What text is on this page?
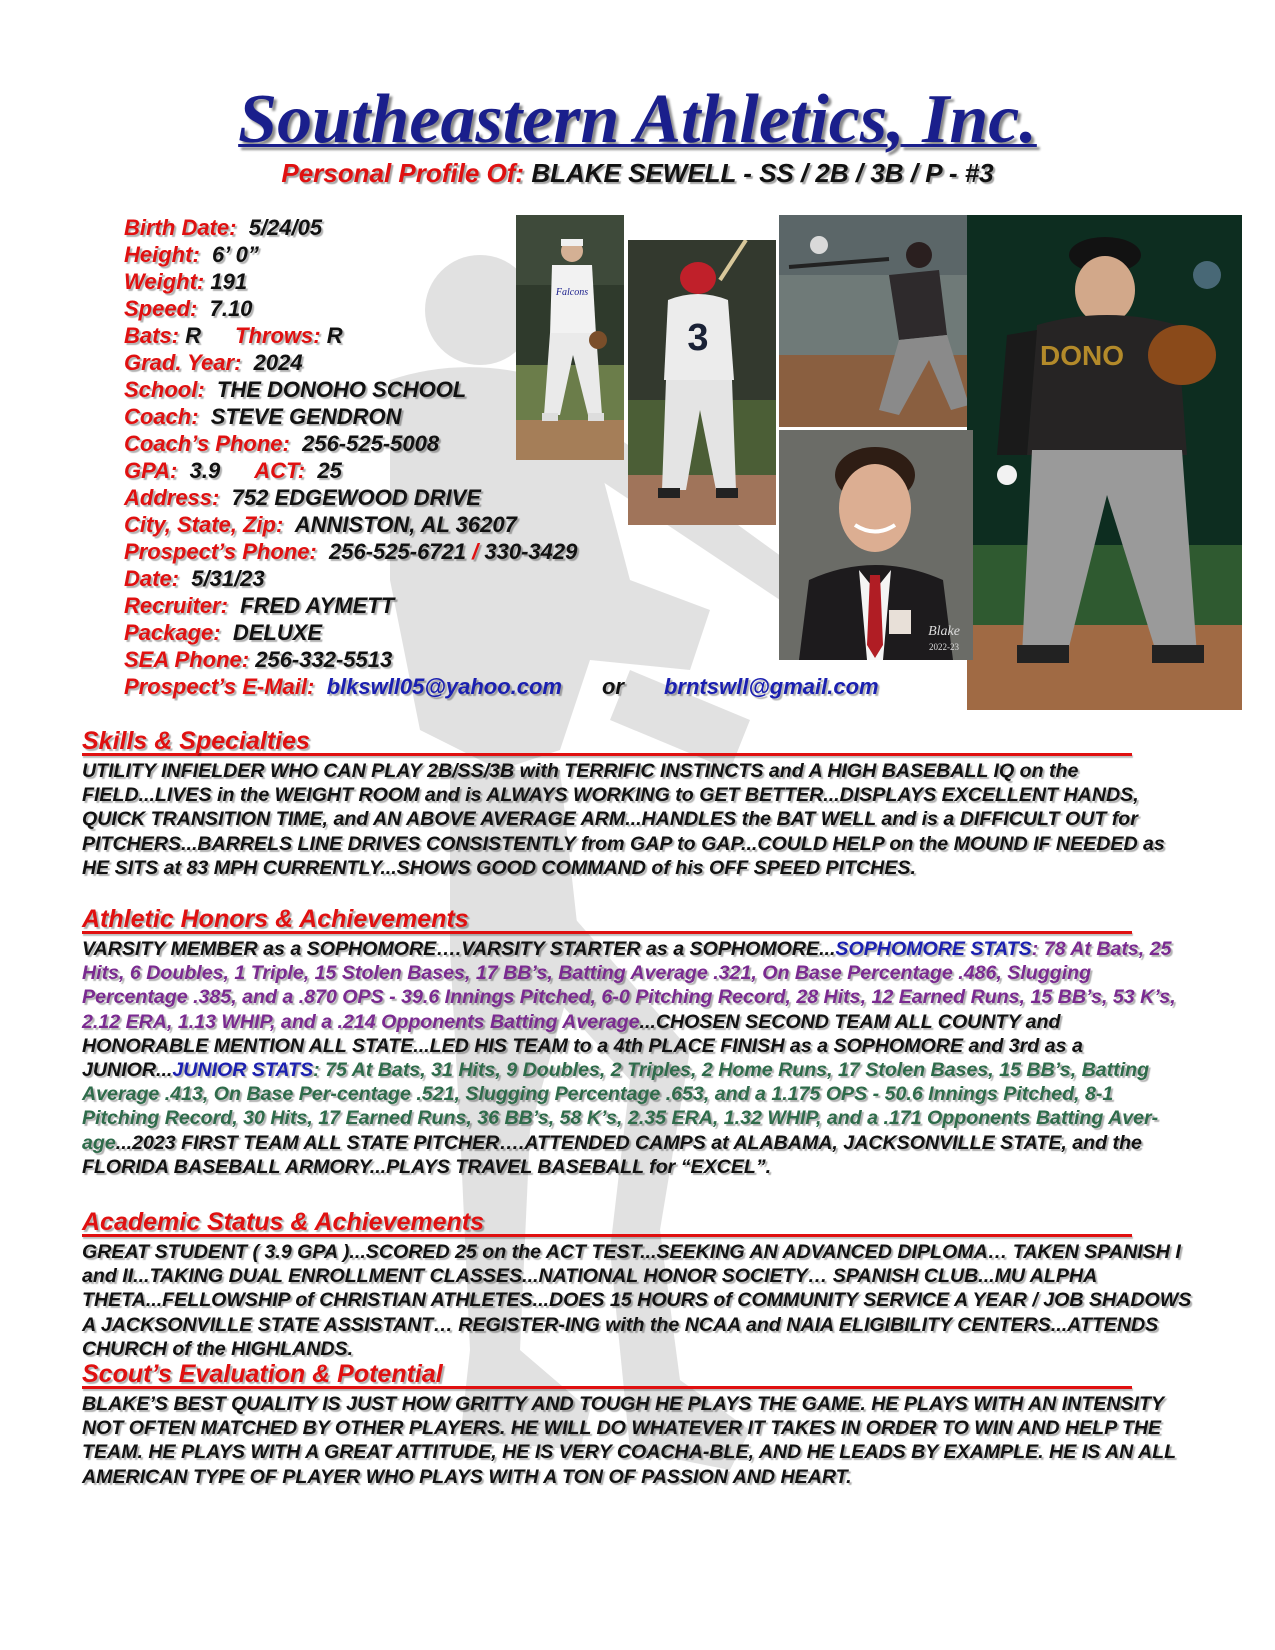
Southeastern Athletics, Inc.
Personal Profile Of: BLAKE SEWELL - SS / 2B / 3B / P - #3
Birth Date: 5/24/05
Height: 6’ 0”
Weight: 191
Speed: 7.10
Bats: R Throws: R
Grad. Year: 2024
School: THE DONOHO SCHOOL
Coach: STEVE GENDRON
Coach’s Phone: 256-525-5008
GPA: 3.9 ACT: 25
Address: 752 EDGEWOOD DRIVE
City, State, Zip: ANNISTON, AL 36207
Prospect’s Phone: 256-525-6721 / 330-3429
Date: 5/31/23
Recruiter: FRED AYMETT
Package: DELUXE
SEA Phone: 256-332-5513
Prospect’s E-Mail: blkswll05@yahoo.com or brntswll@gmail.com
Falcons
3	DONO
Blake
2022-23
Skills & Specialties
UTILITY INFIELDER WHO CAN PLAY 2B/SS/3B with TERRIFIC INSTINCTS and A HIGH BASEBALL IQ on the FIELD...LIVES in the WEIGHT ROOM and is ALWAYS WORKING to GET BETTER...DISPLAYS EXCELLENT HANDS, QUICK TRANSITION TIME, and AN ABOVE AVERAGE ARM...HANDLES the BAT WELL and is a DIFFICULT OUT for PITCHERS...BARRELS LINE DRIVES CONSISTENTLY from GAP to GAP...COULD HELP on the MOUND IF NEEDED as HE SITS at 83 MPH CURRENTLY...SHOWS GOOD COMMAND of his OFF SPEED PITCHES.
Athletic Honors & Achievements
VARSITY MEMBER as a SOPHOMORE….VARSITY STARTER as a SOPHOMORE...SOPHOMORE STATS: 78 At Bats, 25 Hits, 6 Doubles, 1 Triple, 15 Stolen Bases, 17 BB’s, Batting Average .321, On Base Percentage .486, Slugging Percentage .385, and a .870 OPS - 39.6 Innings Pitched, 6-0 Pitching Record, 28 Hits, 12 Earned Runs, 15 BB’s, 53 K’s, 2.12 ERA, 1.13 WHIP, and a .214 Opponents Batting Average...CHOSEN SECOND TEAM ALL COUNTY and HONORABLE MENTION ALL STATE...LED HIS TEAM to a 4th PLACE FINISH as a SOPHOMORE and 3rd as a JUNIOR...JUNIOR STATS: 75 At Bats, 31 Hits, 9 Doubles, 2 Triples, 2 Home Runs, 17 Stolen Bases, 15 BB’s, Batting Average .413, On Base Per-centage .521, Slugging Percentage .653, and a 1.175 OPS - 50.6 Innings Pitched, 8-1 Pitching Record, 30 Hits, 17 Earned Runs, 36 BB’s, 58 K’s, 2.35 ERA, 1.32 WHIP, and a .171 Opponents Batting Aver-age...2023 FIRST TEAM ALL STATE PITCHER….ATTENDED CAMPS at ALABAMA, JACKSONVILLE STATE, and the FLORIDA BASEBALL ARMORY...PLAYS TRAVEL BASEBALL for “EXCEL”.
Academic Status & Achievements
GREAT STUDENT ( 3.9 GPA )...SCORED 25 on the ACT TEST...SEEKING AN ADVANCED DIPLOMA… TAKEN SPANISH I and II...TAKING DUAL ENROLLMENT CLASSES...NATIONAL HONOR SOCIETY… SPANISH CLUB...MU ALPHA THETA...FELLOWSHIP of CHRISTIAN ATHLETES...DOES 15 HOURS of COMMUNITY SERVICE A YEAR / JOB SHADOWS A JACKSONVILLE STATE ASSISTANT… REGISTER-ING with the NCAA and NAIA ELIGIBILITY CENTERS...ATTENDS CHURCH of the HIGHLANDS.
Scout’s Evaluation & Potential
BLAKE’S BEST QUALITY IS JUST HOW GRITTY AND TOUGH HE PLAYS THE GAME. HE PLAYS WITH AN INTENSITY NOT OFTEN MATCHED BY OTHER PLAYERS. HE WILL DO WHATEVER IT TAKES IN ORDER TO WIN AND HELP THE TEAM. HE PLAYS WITH A GREAT ATTITUDE, HE IS VERY COACHA-BLE, AND HE LEADS BY EXAMPLE. HE IS AN ALL AMERICAN TYPE OF PLAYER WHO PLAYS WITH A TON OF PASSION AND HEART.
